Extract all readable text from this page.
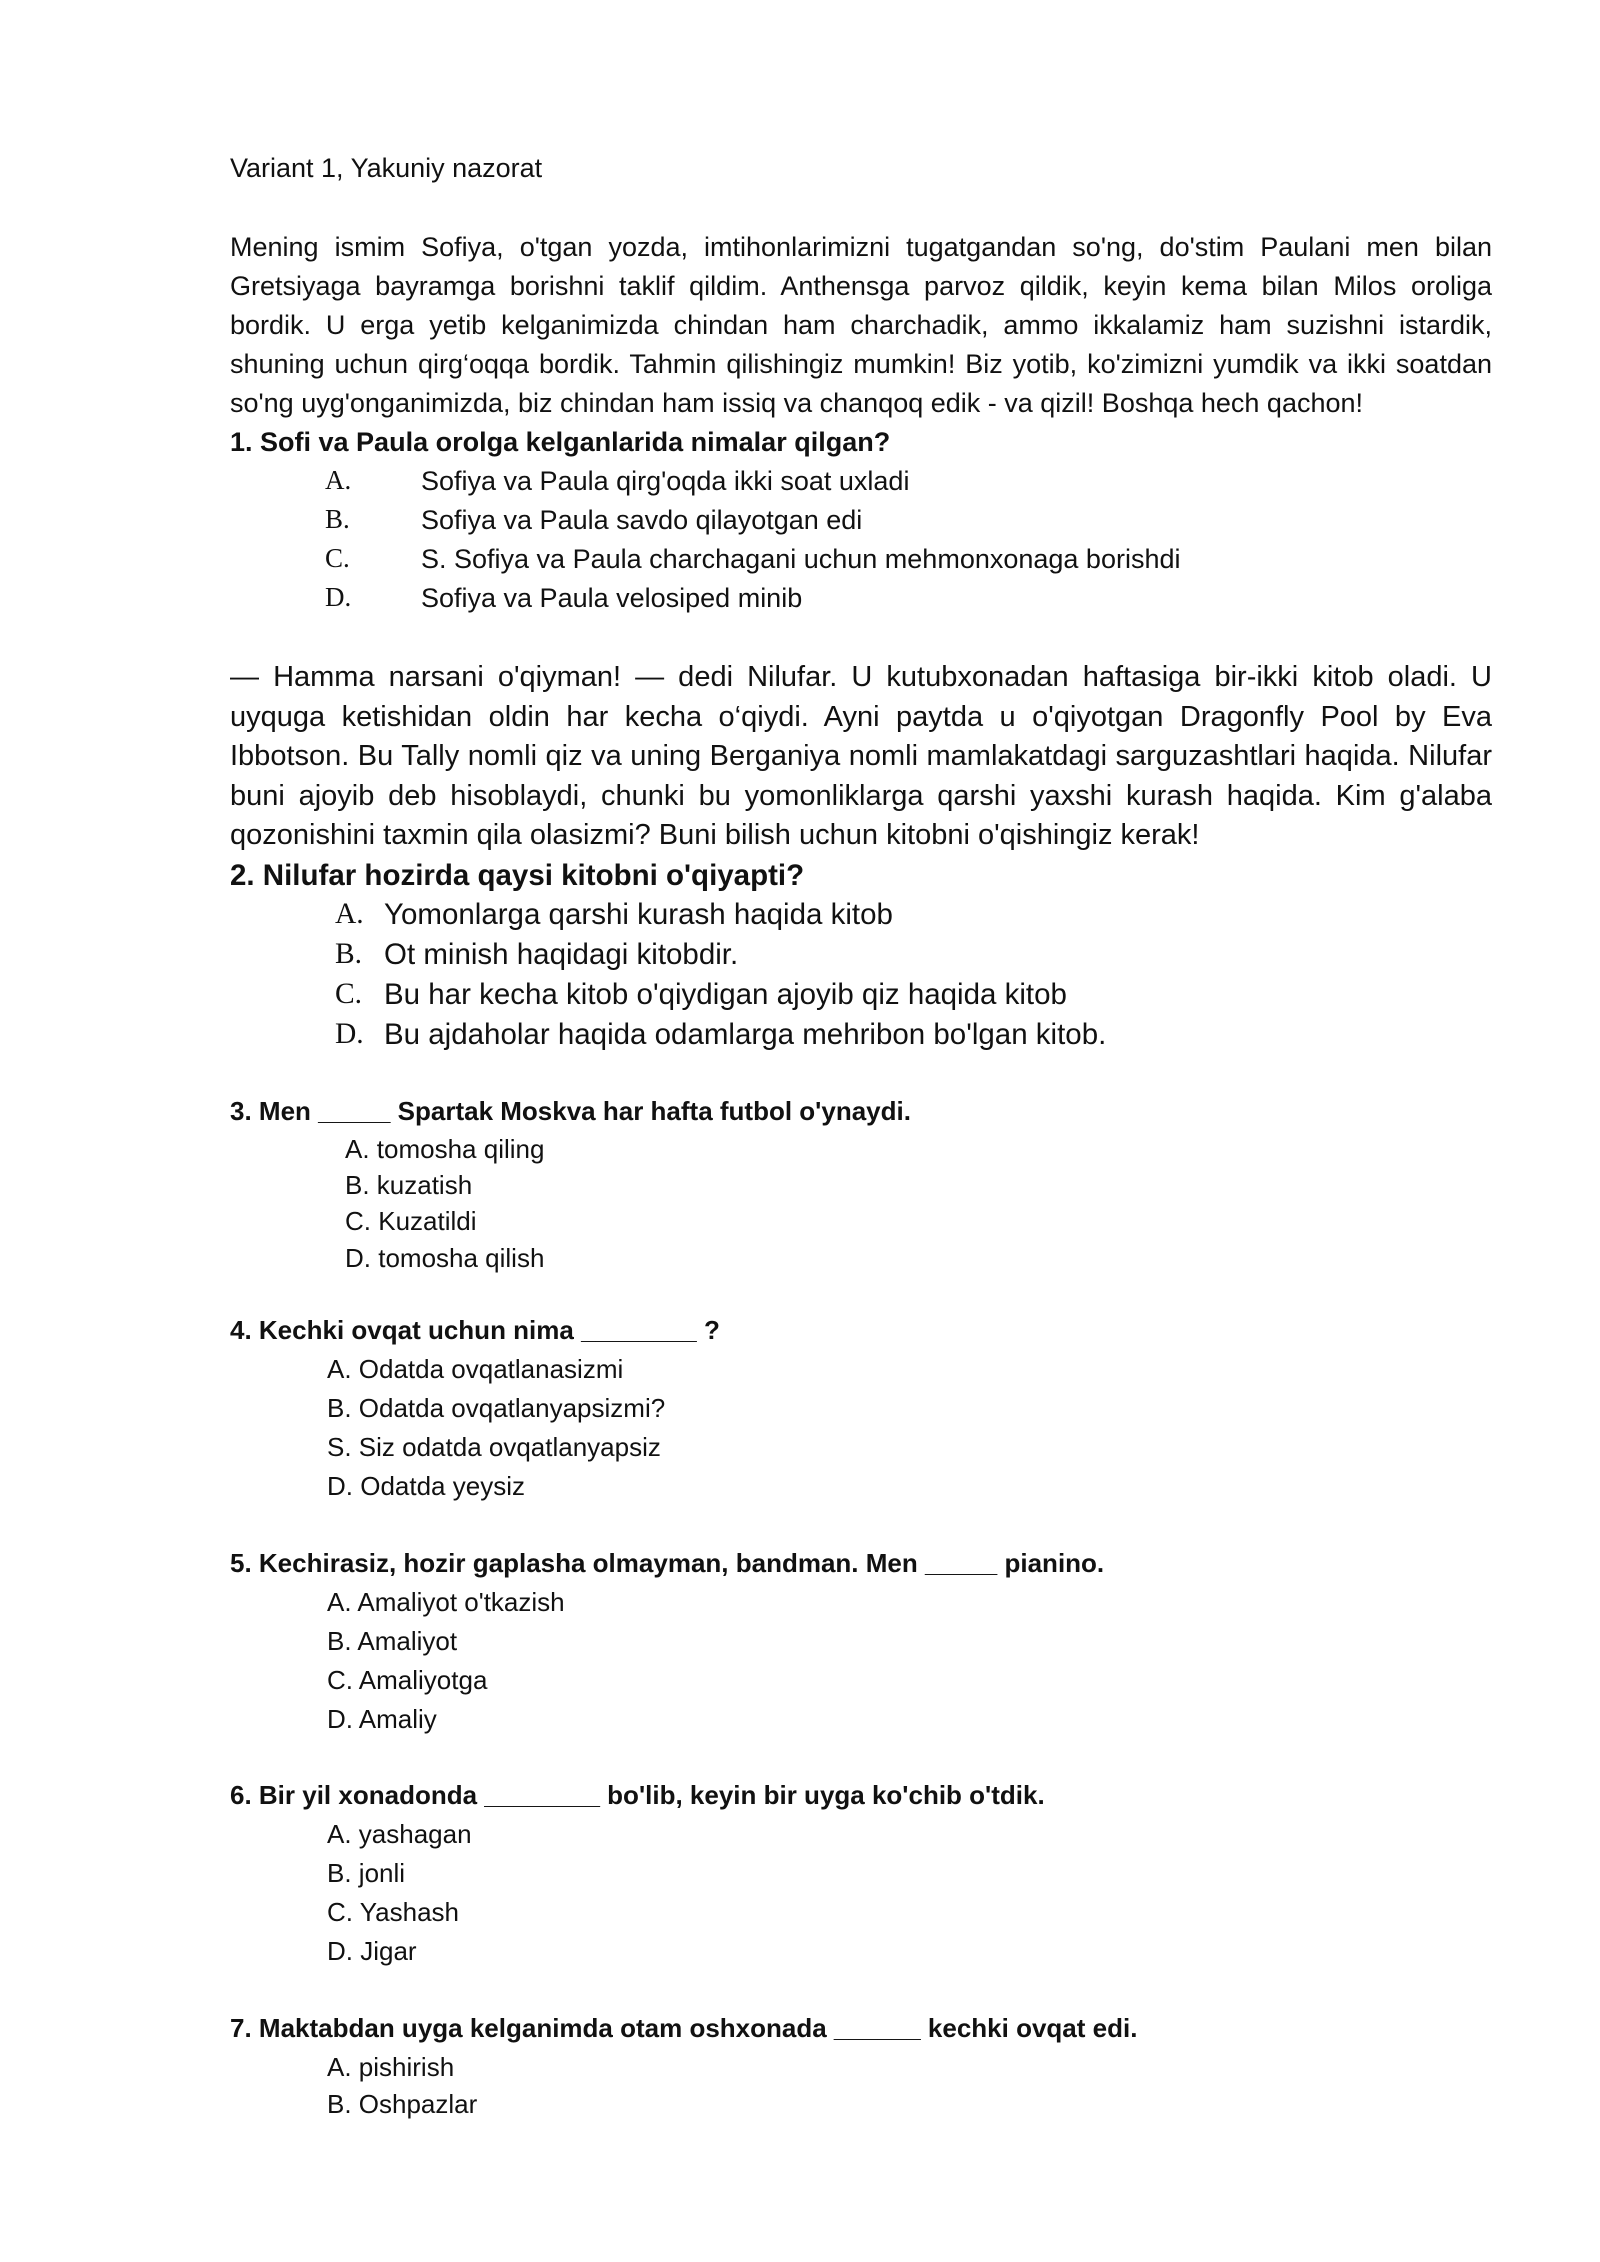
Variant 1, Yakuniy nazorat
Mening ismim Sofiya, o'tgan yozda, imtihonlarimizni tugatgandan so'ng, do'stim Paulani men bilan Gretsiyaga bayramga borishni taklif qildim. Anthensga parvoz qildik, keyin kema bilan Milos oroliga bordik. U erga yetib kelganimizda chindan ham charchadik, ammo ikkalamiz ham suzishni istardik, shuning uchun qirg‘oqqa bordik. Tahmin qilishingiz mumkin! Biz yotib, ko'zimizni yumdik va ikki soatdan so'ng uyg'onganimizda, biz chindan ham issiq va chanqoq edik - va qizil! Boshqa hech qachon!
1. Sofi va Paula orolga kelganlarida nimalar qilgan?
A.	Sofiya va Paula qirg'oqda ikki soat uxladi
B.	Sofiya va Paula savdo qilayotgan edi
C.	S. Sofiya va Paula charchagani uchun mehmonxonaga borishdi
D.	Sofiya va Paula velosiped minib
— Hamma narsani o'qiyman! — dedi Nilufar. U kutubxonadan haftasiga bir-ikki kitob oladi. U uyquga ketishidan oldin har kecha o‘qiydi. Ayni paytda u o'qiyotgan Dragonfly Pool by Eva Ibbotson. Bu Tally nomli qiz va uning Berganiya nomli mamlakatdagi sarguzashtlari haqida. Nilufar buni ajoyib deb hisoblaydi, chunki bu yomonliklarga qarshi yaxshi kurash haqida. Kim g'alaba qozonishini taxmin qila olasizmi? Buni bilish uchun kitobni o'qishingiz kerak!
2. Nilufar hozirda qaysi kitobni o'qiyapti?
A. Yomonlarga qarshi kurash haqida kitob
B. Ot minish haqidagi kitobdir.
C. Bu har kecha kitob o'qiydigan ajoyib qiz haqida kitob
D. Bu ajdaholar haqida odamlarga mehribon bo'lgan kitob.
3. Men _____ Spartak Moskva har hafta futbol o'ynaydi.
A. tomosha qiling
B. kuzatish
C. Kuzatildi
D. tomosha qilish
4. Kechki ovqat uchun nima ________ ?
A. Odatda ovqatlanasizmi
B. Odatda ovqatlanyapsizmi?
S. Siz odatda ovqatlanyapsiz
D. Odatda yeysiz
5. Kechirasiz, hozir gaplasha olmayman, bandman. Men _____ pianino.
A. Amaliyot o'tkazish
B. Amaliyot
C. Amaliyotga
D. Amaliy
6. Bir yil xonadonda ________ bo'lib, keyin bir uyga ko'chib o'tdik.
A. yashagan
B. jonli
C. Yashash
D. Jigar
7. Maktabdan uyga kelganimda otam oshxonada ______ kechki ovqat edi.
A. pishirish
B. Oshpazlar
